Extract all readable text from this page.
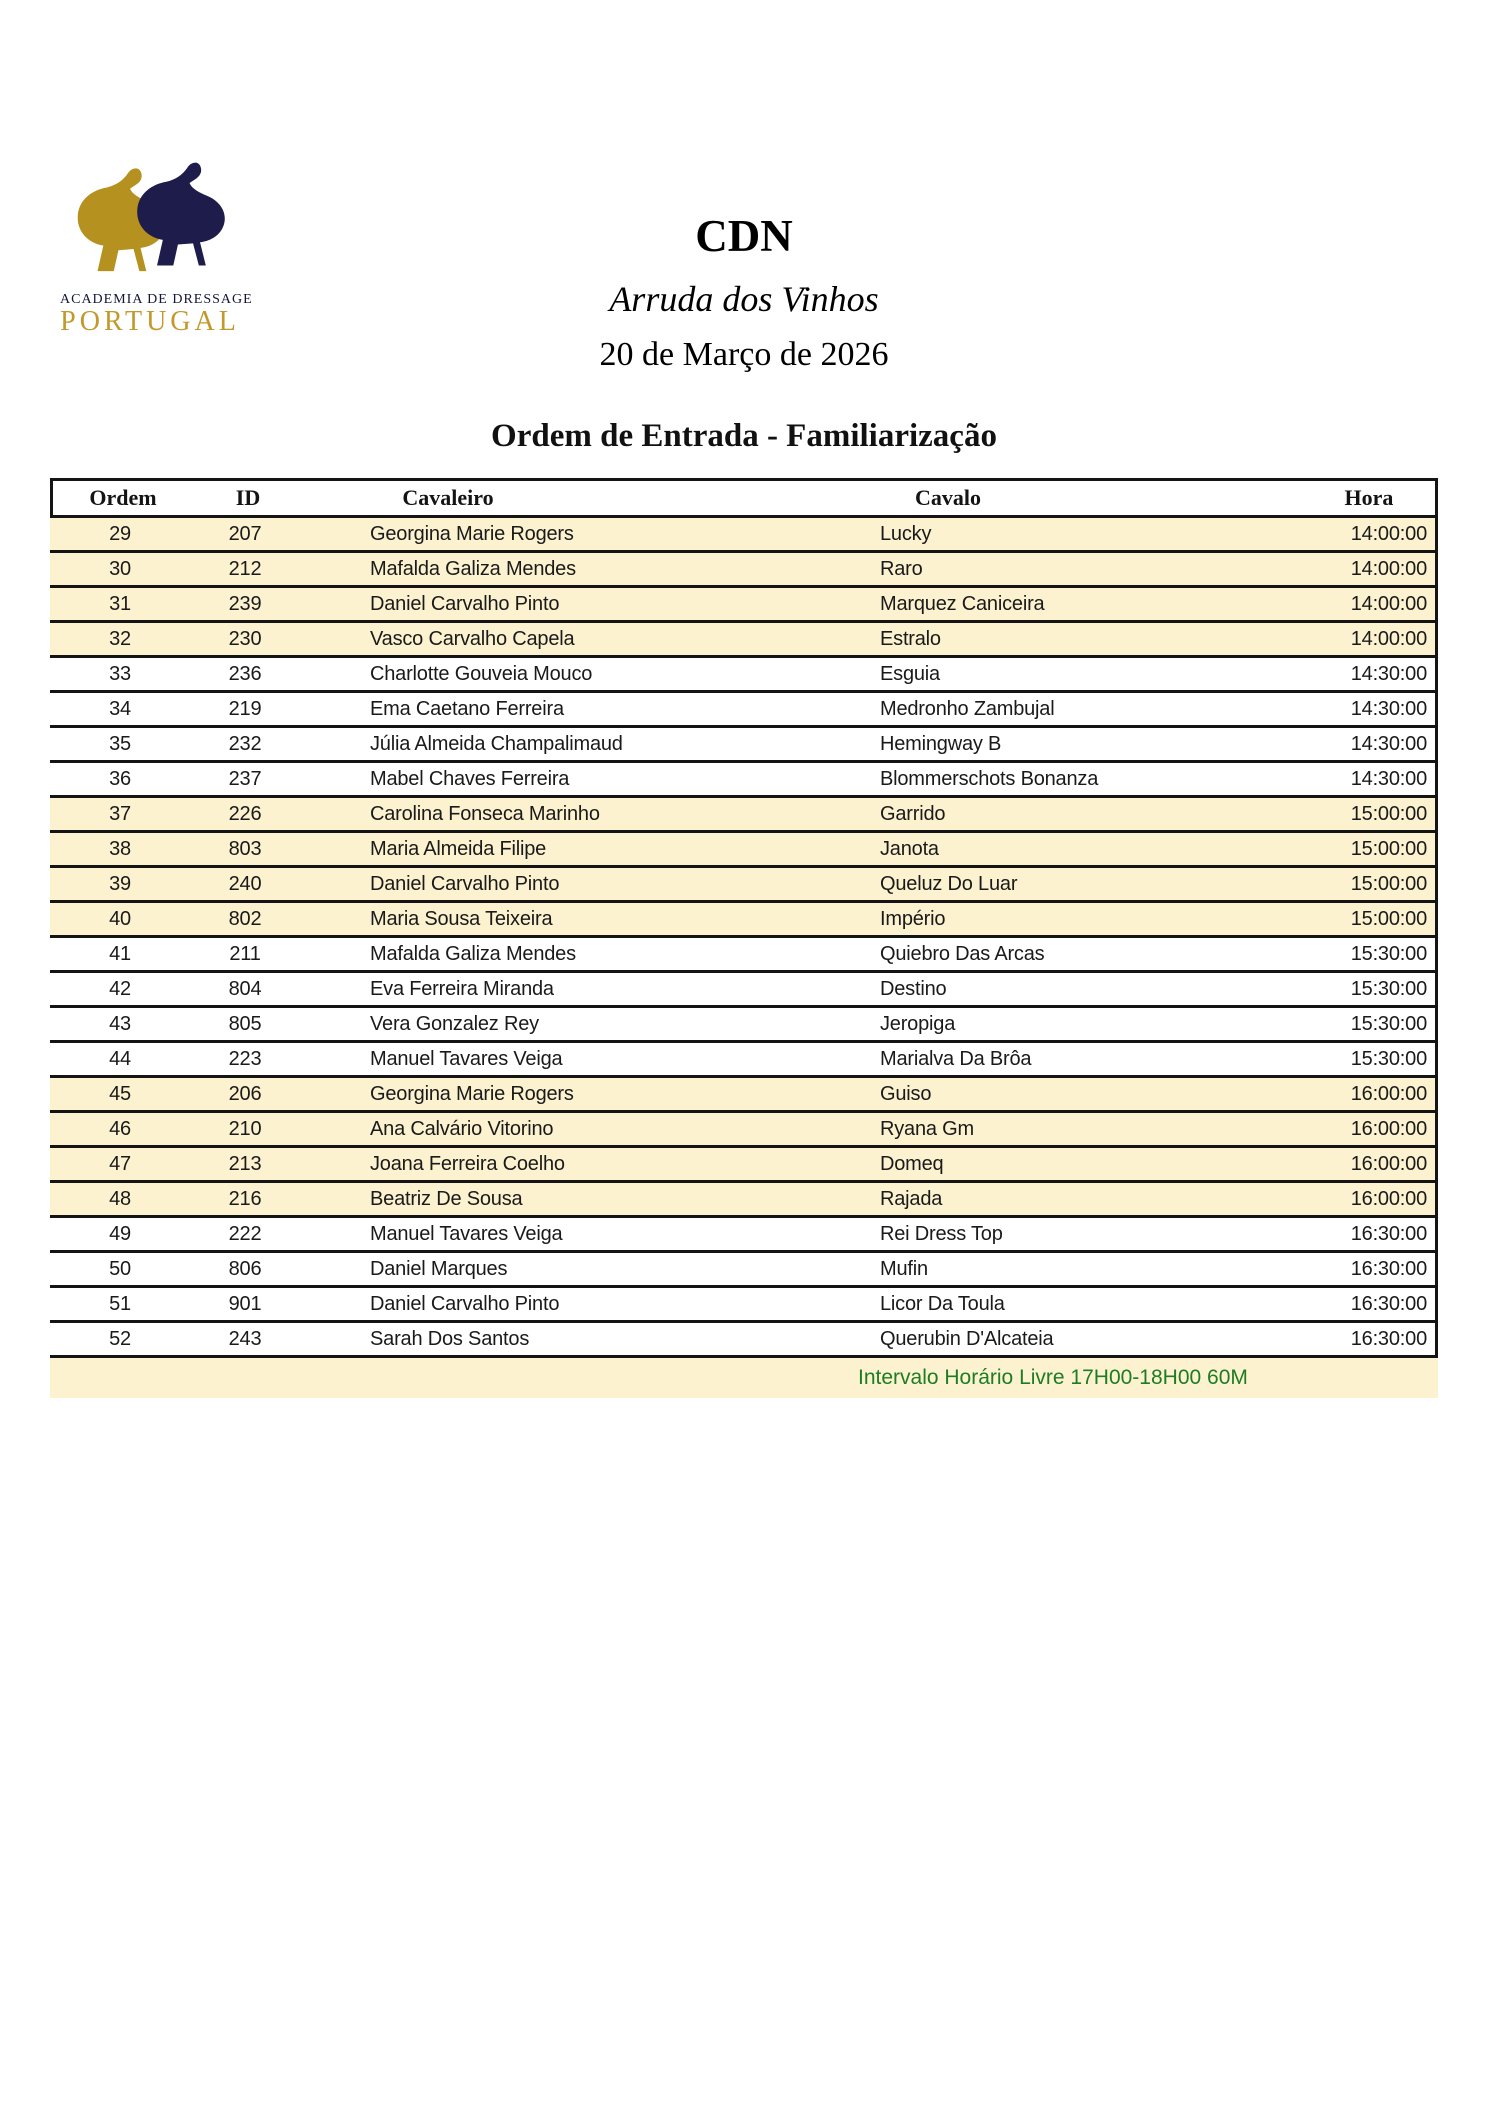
ACADEMIA DE DRESSAGE
PORTUGAL
CDN
Arruda dos Vinhos
20 de Março de 2026
Ordem de Entrada - Familiarização
Ordem	ID	Cavaleiro	Cavalo	Hora
29	207	Georgina Marie Rogers	Lucky	14:00:00
30	212	Mafalda Galiza Mendes	Raro	14:00:00
31	239	Daniel Carvalho Pinto	Marquez Caniceira	14:00:00
32	230	Vasco Carvalho Capela	Estralo	14:00:00
33	236	Charlotte Gouveia Mouco	Esguia	14:30:00
34	219	Ema Caetano Ferreira	Medronho Zambujal	14:30:00
35	232	Júlia Almeida Champalimaud	Hemingway B	14:30:00
36	237	Mabel Chaves Ferreira	Blommerschots Bonanza	14:30:00
37	226	Carolina Fonseca Marinho	Garrido	15:00:00
38	803	Maria Almeida Filipe	Janota	15:00:00
39	240	Daniel Carvalho Pinto	Queluz Do Luar	15:00:00
40	802	Maria Sousa Teixeira	Império	15:00:00
41	211	Mafalda Galiza Mendes	Quiebro Das Arcas	15:30:00
42	804	Eva Ferreira Miranda	Destino	15:30:00
43	805	Vera Gonzalez Rey	Jeropiga	15:30:00
44	223	Manuel Tavares Veiga	Marialva Da Brôa	15:30:00
45	206	Georgina Marie Rogers	Guiso	16:00:00
46	210	Ana Calvário Vitorino	Ryana Gm	16:00:00
47	213	Joana Ferreira Coelho	Domeq	16:00:00
48	216	Beatriz De Sousa	Rajada	16:00:00
49	222	Manuel Tavares Veiga	Rei Dress Top	16:30:00
50	806	Daniel Marques	Mufin	16:30:00
51	901	Daniel Carvalho Pinto	Licor Da Toula	16:30:00
52	243	Sarah Dos Santos	Querubin D'Alcateia	16:30:00
Intervalo Horário Livre 17H00-18H00 60M
